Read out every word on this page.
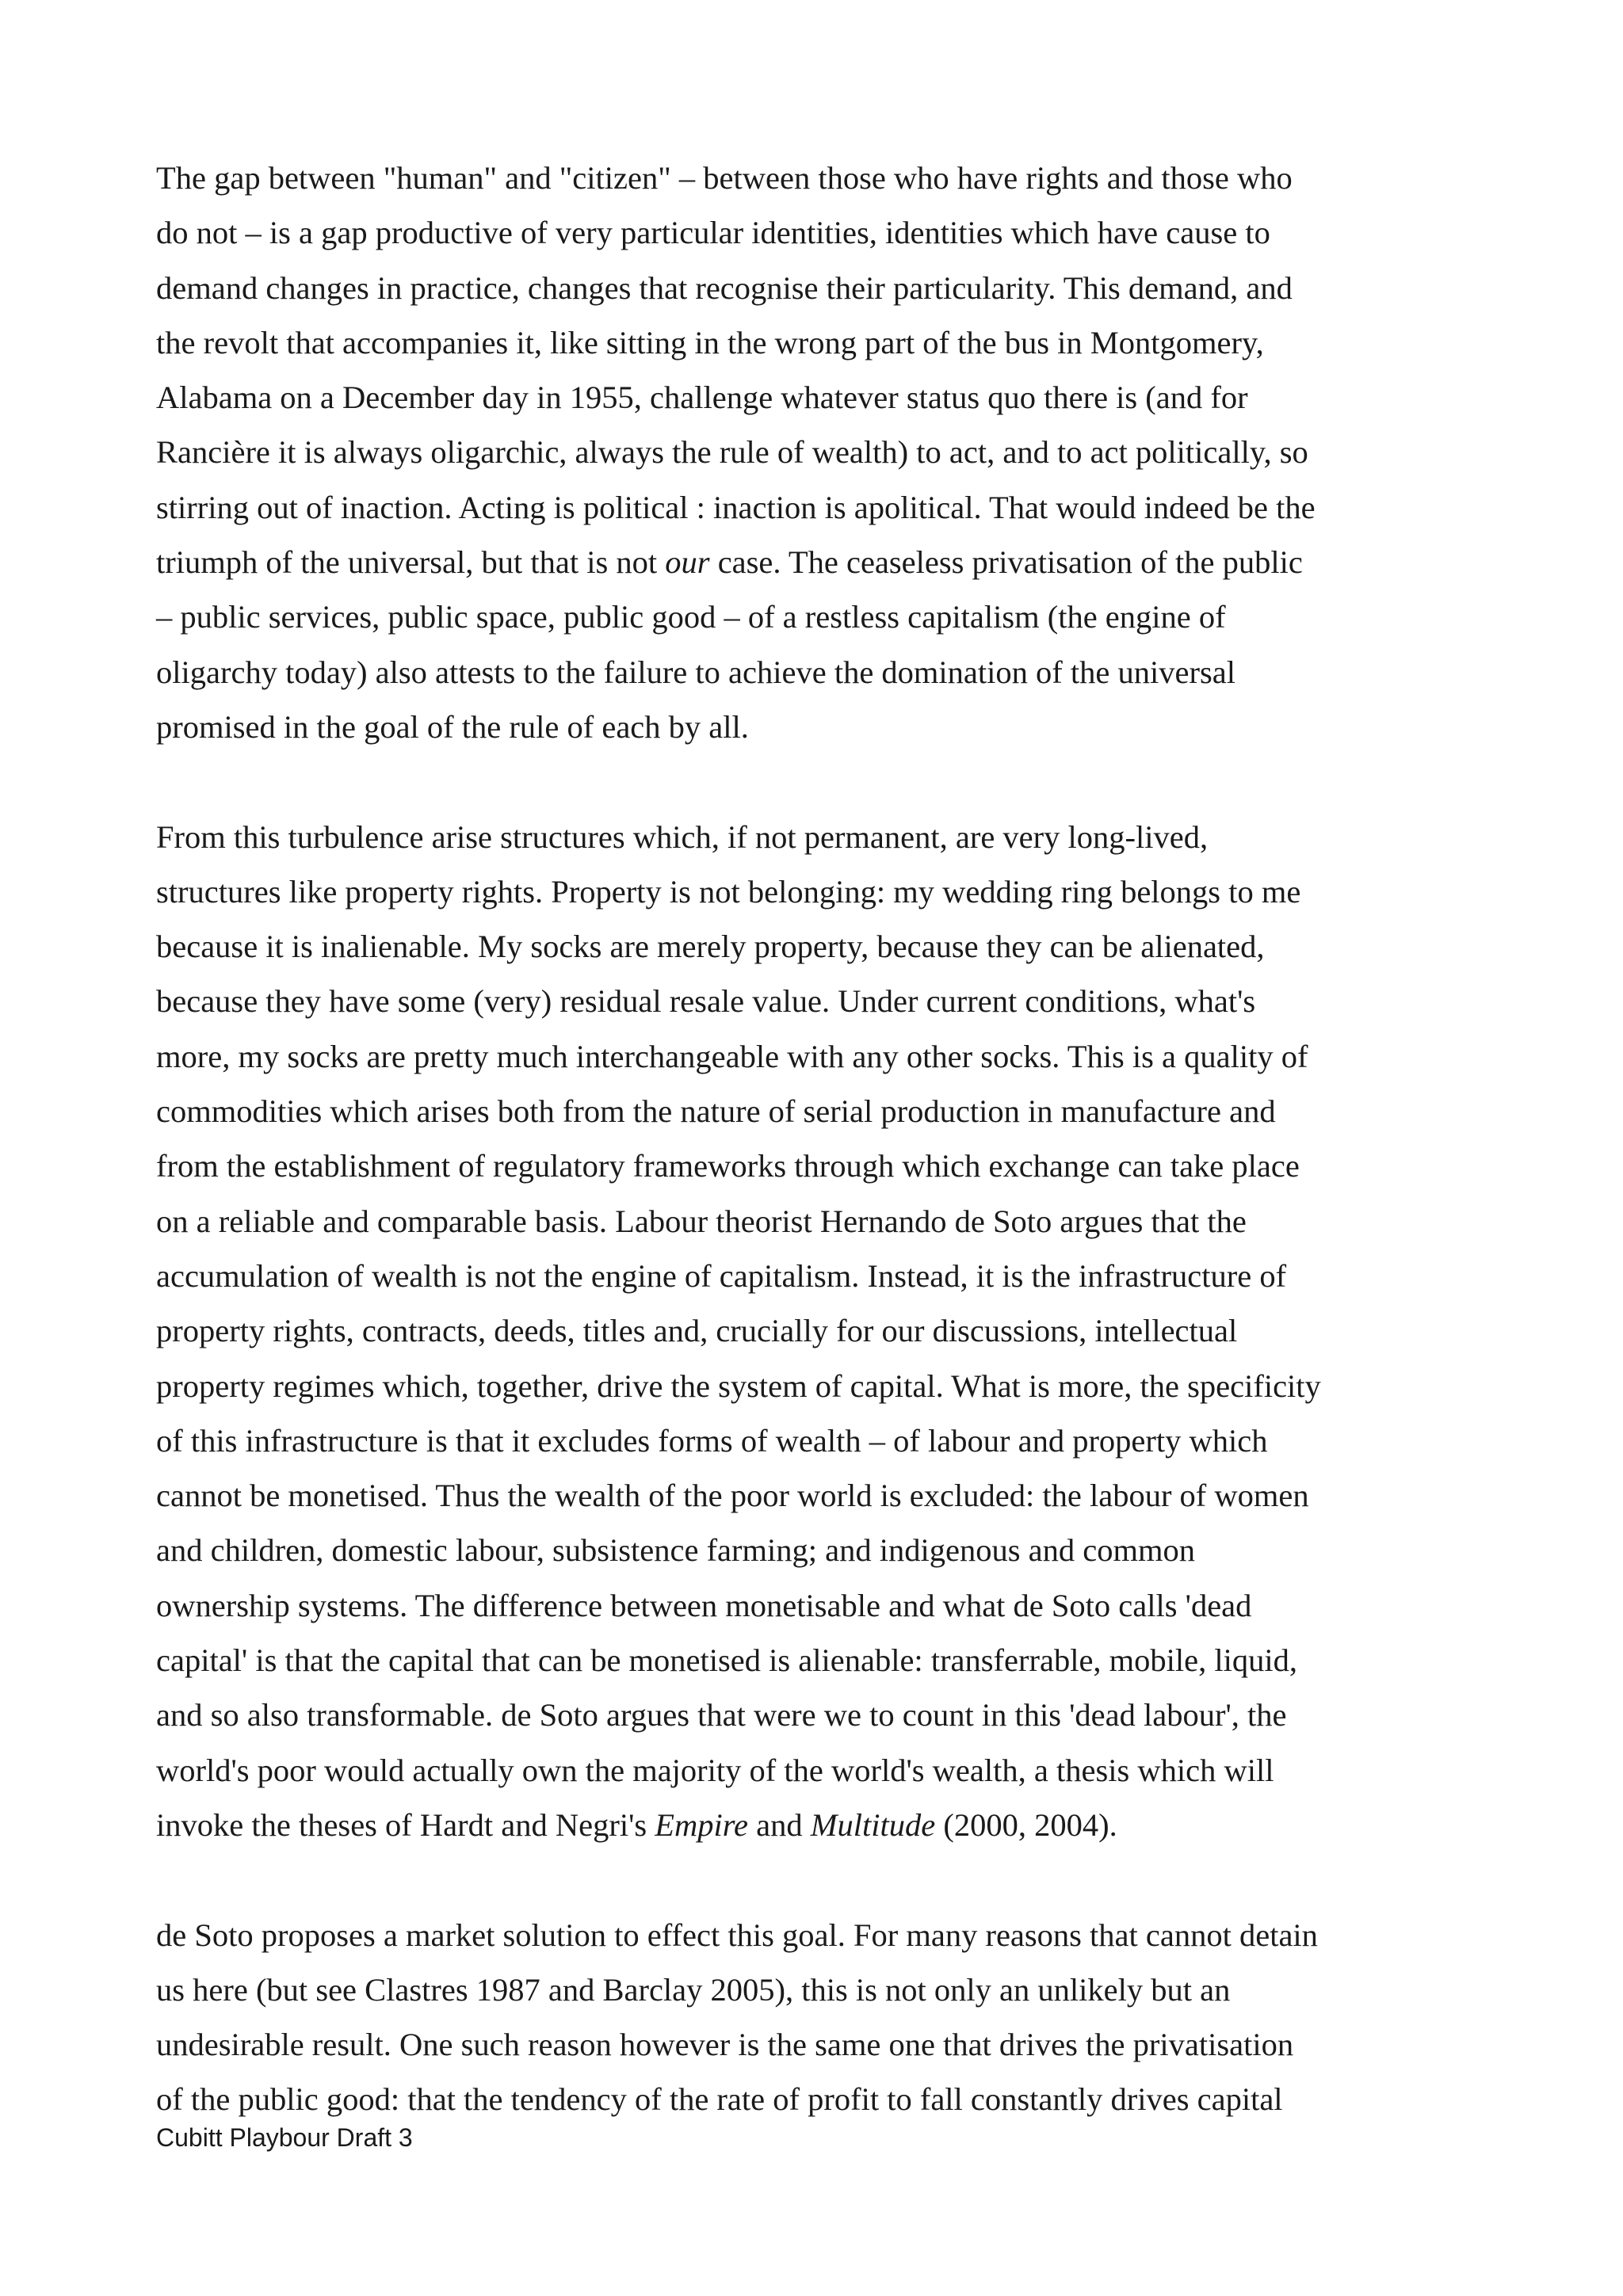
The gap between "human" and "citizen" – between those who have rights and those who
do not – is a gap productive of very particular identities, identities which have cause to
demand changes in practice, changes that recognise their particularity. This demand, and
the revolt that accompanies it, like sitting in the wrong part of the bus in Montgomery,
Alabama on a December day in 1955, challenge whatever status quo there is (and for
Rancière it is always oligarchic, always the rule of wealth) to act, and to act politically, so
stirring out of inaction. Acting is political : inaction is apolitical. That would indeed be the
triumph of the universal, but that is not our case. The ceaseless privatisation of the public
– public services, public space, public good – of a restless capitalism (the engine of
oligarchy today) also attests to the failure to achieve the domination of the universal
promised in the goal of the rule of each by all.

From this turbulence arise structures which, if not permanent, are very long-lived,
structures like property rights. Property is not belonging: my wedding ring belongs to me
because it is inalienable. My socks are merely property, because they can be alienated,
because they have some (very) residual resale value. Under current conditions, what's
more, my socks are pretty much interchangeable with any other socks. This is a quality of
commodities which arises both from the nature of serial production in manufacture and
from the establishment of regulatory frameworks through which exchange can take place
on a reliable and comparable basis. Labour theorist Hernando de Soto argues that the
accumulation of wealth is not the engine of capitalism. Instead, it is the infrastructure of
property rights, contracts, deeds, titles and, crucially for our discussions, intellectual
property regimes which, together, drive the system of capital. What is more, the specificity
of this infrastructure is that it excludes forms of wealth – of labour and property which
cannot be monetised. Thus the wealth of the poor world is excluded: the labour of women
and children, domestic labour, subsistence farming; and indigenous and common
ownership systems. The difference between monetisable and what de Soto calls 'dead
capital' is that the capital that can be monetised is alienable: transferrable, mobile, liquid,
and so also transformable. de Soto argues that were we to count in this 'dead labour', the
world's poor would actually own the majority of the world's wealth, a thesis which will
invoke the theses of Hardt and Negri's Empire and Multitude (2000, 2004).

de Soto proposes a market solution to effect this goal. For many reasons that cannot detain
us here (but see Clastres 1987 and Barclay 2005), this is not only an unlikely but an
undesirable result. One such reason however is the same one that drives the privatisation
of the public good: that the tendency of the rate of profit to fall constantly drives capital

Cubitt Playbour Draft 3
